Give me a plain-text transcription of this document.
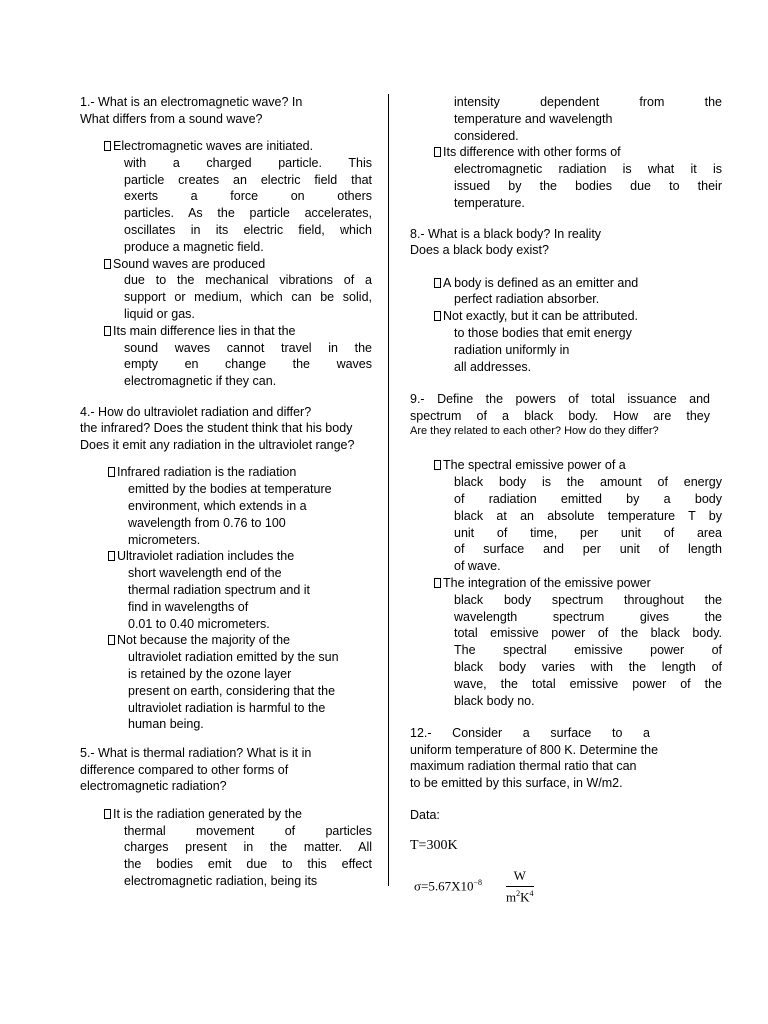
1.- What is an electromagnetic wave? In
What differs from a sound wave?
Electromagnetic waves are initiated.
with a charged particle. This
particle creates an electric field that
exerts a force on others
particles. As the particle accelerates,
oscillates in its electric field, which
produce a magnetic field.
Sound waves are produced
due to the mechanical vibrations of a
support or medium, which can be solid,
liquid or gas.
Its main difference lies in that the
sound waves cannot travel in the
empty en change the waves
electromagnetic if they can.
4.- How do ultraviolet radiation and differ?
the infrared? Does the student think that his body
Does it emit any radiation in the ultraviolet range?
Infrared radiation is the radiation
emitted by the bodies at temperature
environment, which extends in a
wavelength from 0.76 to 100
micrometers.
Ultraviolet radiation includes the
short wavelength end of the
thermal radiation spectrum and it
find in wavelengths of
0.01 to 0.40 micrometers.
Not because the majority of the
ultraviolet radiation emitted by the sun
is retained by the ozone layer
present on earth, considering that the
ultraviolet radiation is harmful to the
human being.
5.- What is thermal radiation? What is it in
difference compared to other forms of
electromagnetic radiation?
It is the radiation generated by the
thermal movement of particles
charges present in the matter. All
the bodies emit due to this effect
electromagnetic radiation, being its
intensity dependent from the
temperature and wavelength
considered.
Its difference with other forms of
electromagnetic radiation is what it is
issued by the bodies due to their
temperature.
8.- What is a black body? In reality
Does a black body exist?
A body is defined as an emitter and
perfect radiation absorber.
Not exactly, but it can be attributed.
to those bodies that emit energy
radiation uniformly in
all addresses.
9.- Define the powers of total issuance and
spectrum of a black body. How are they
Are they related to each other? How do they differ?
The spectral emissive power of a
black body is the amount of energy
of radiation emitted by a body
black at an absolute temperature T by
unit of time, per unit of area
of surface and per unit of length
of wave.
The integration of the emissive power
black body spectrum throughout the
wavelength spectrum gives the
total emissive power of the black body.
The spectral emissive power of
black body varies with the length of
wave, the total emissive power of the
black body no.
12.- Consider a surface to a
uniform temperature of 800 K. Determine the
maximum radiation thermal ratio that can
to be emitted by this surface, in W/m2.
Data:
T=300K
$\sigma=5.67X10^{-8} \frac{W}{m^2K^4}$
